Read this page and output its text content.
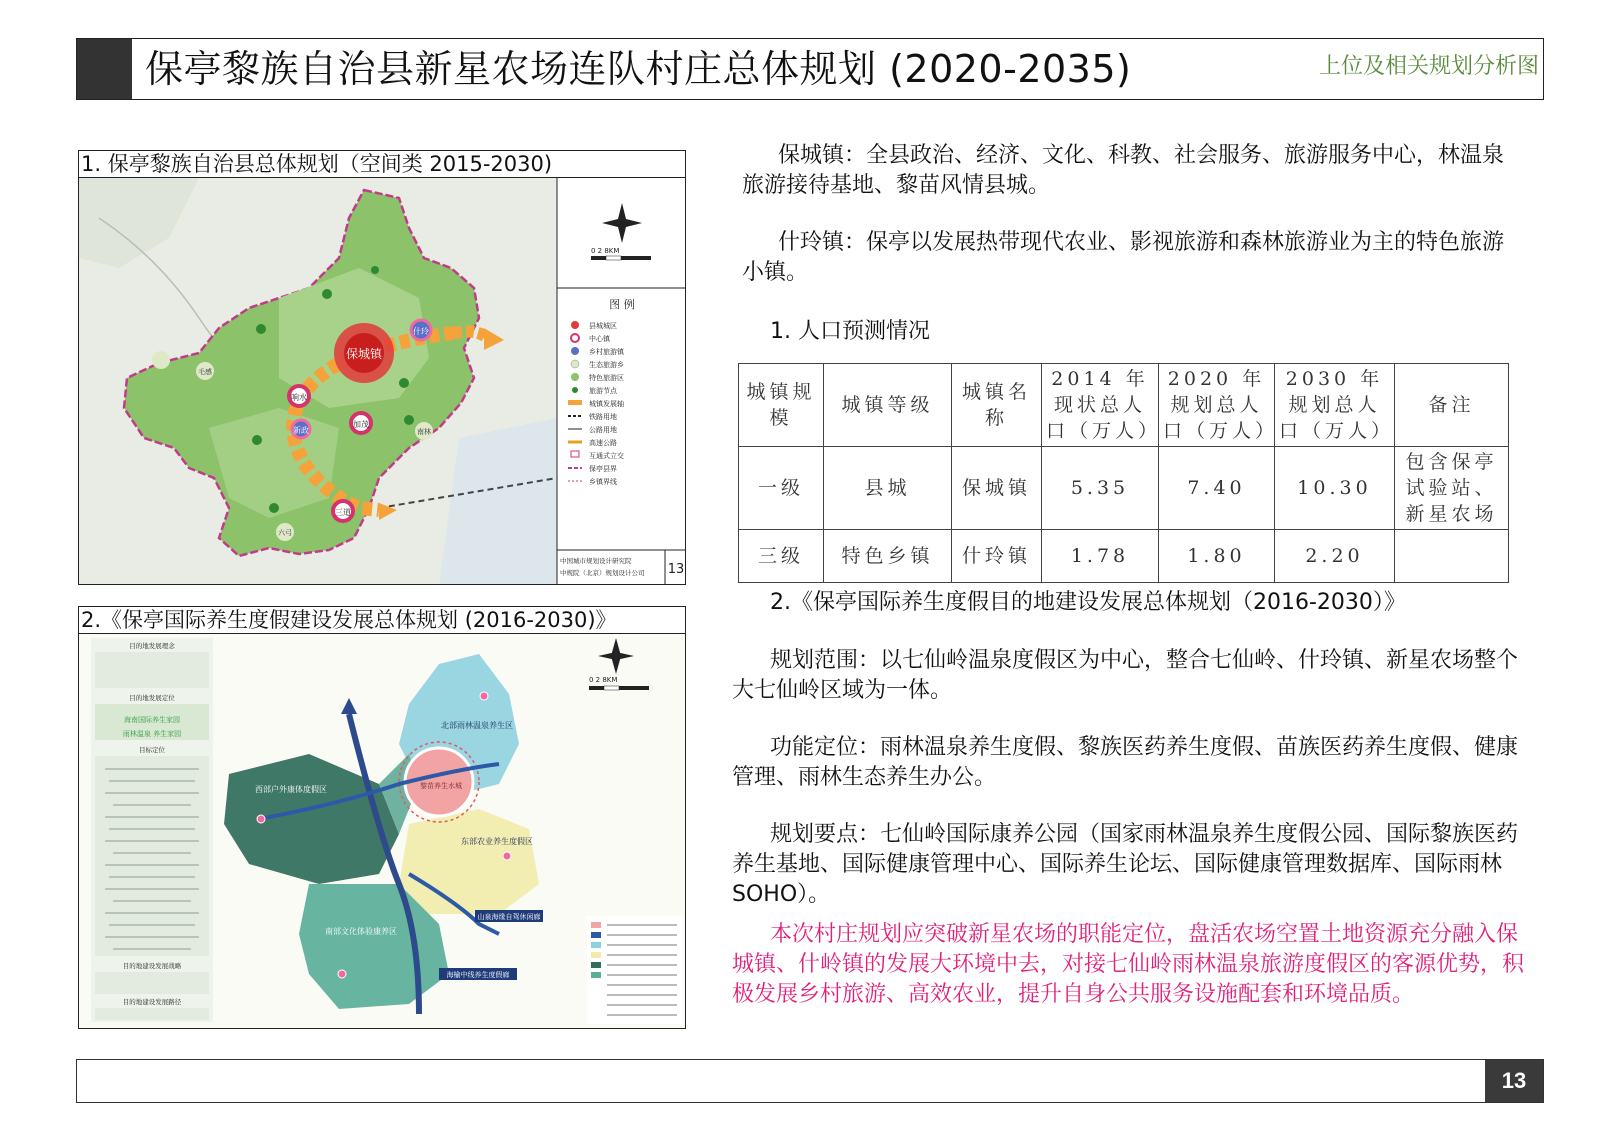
保亭黎族自治县新星农场连队村庄总体规划 (2020-2035)	上位及相关规划分析图
1. 保亭黎族自治县总体规划（空间类 2015-2030)
保城镇
什玲
响水
新政
加茂
三道
毛感
南林
六弓
0 2 8KM
图 例
县城城区
中心镇
乡村旅游镇
生态旅游乡
特色旅游区
旅游节点
城镇发展轴
铁路用地
公路用地
高速公路
互通式立交
保亭县界
乡镇界线
中国城市规划设计研究院
中规院（北京）规划设计公司 13
2.《保亭国际养生度假建设发展总体规划 (2016-2030)》
目的地发展理念
目的地发展定位
海南国际养生家园
雨林温泉 养生家园
目标定位
目的地建设发展战略
目的地建设发展路径
北部雨林温泉养生区
西部户外康体度假区
东部农业养生度假区
南部文化体验康养区
黎苗养生水城
山泉海缘自驾休闲廊
海榆中线养生度假廊
0 2 8KM
保城镇：全县政治、经济、文化、科教、社会服务、旅游服务中心，林温泉旅游接待基地、黎苗风情县城。
什玲镇：保亭以发展热带现代农业、影视旅游和森林旅游业为主的特色旅游小镇。
1. 人口预测情况
城镇规模	城镇等级	城镇名称	2014 年现状总人口（万人）	2020 年规划总人口（万人）	2030 年规划总人口（万人）	备注
一级	县城	保城镇	5.35	7.40	10.30	包含保亭试验站、新星农场
三级	特色乡镇	什玲镇	1.78	1.80	2.20	
2.《保亭国际养生度假目的地建设发展总体规划（2016-2030）》
规划范围：以七仙岭温泉度假区为中心，整合七仙岭、什玲镇、新星农场整个大七仙岭区域为一体。
功能定位：雨林温泉养生度假、黎族医药养生度假、苗族医药养生度假、健康管理、雨林生态养生办公。
规划要点：七仙岭国际康养公园（国家雨林温泉养生度假公园、国际黎族医药养生基地、国际健康管理中心、国际养生论坛、国际健康管理数据库、国际雨林 SOHO）。
本次村庄规划应突破新星农场的职能定位，盘活农场空置土地资源充分融入保城镇、什岭镇的发展大环境中去，对接七仙岭雨林温泉旅游度假区的客源优势，积极发展乡村旅游、高效农业，提升自身公共服务设施配套和环境品质。
13
